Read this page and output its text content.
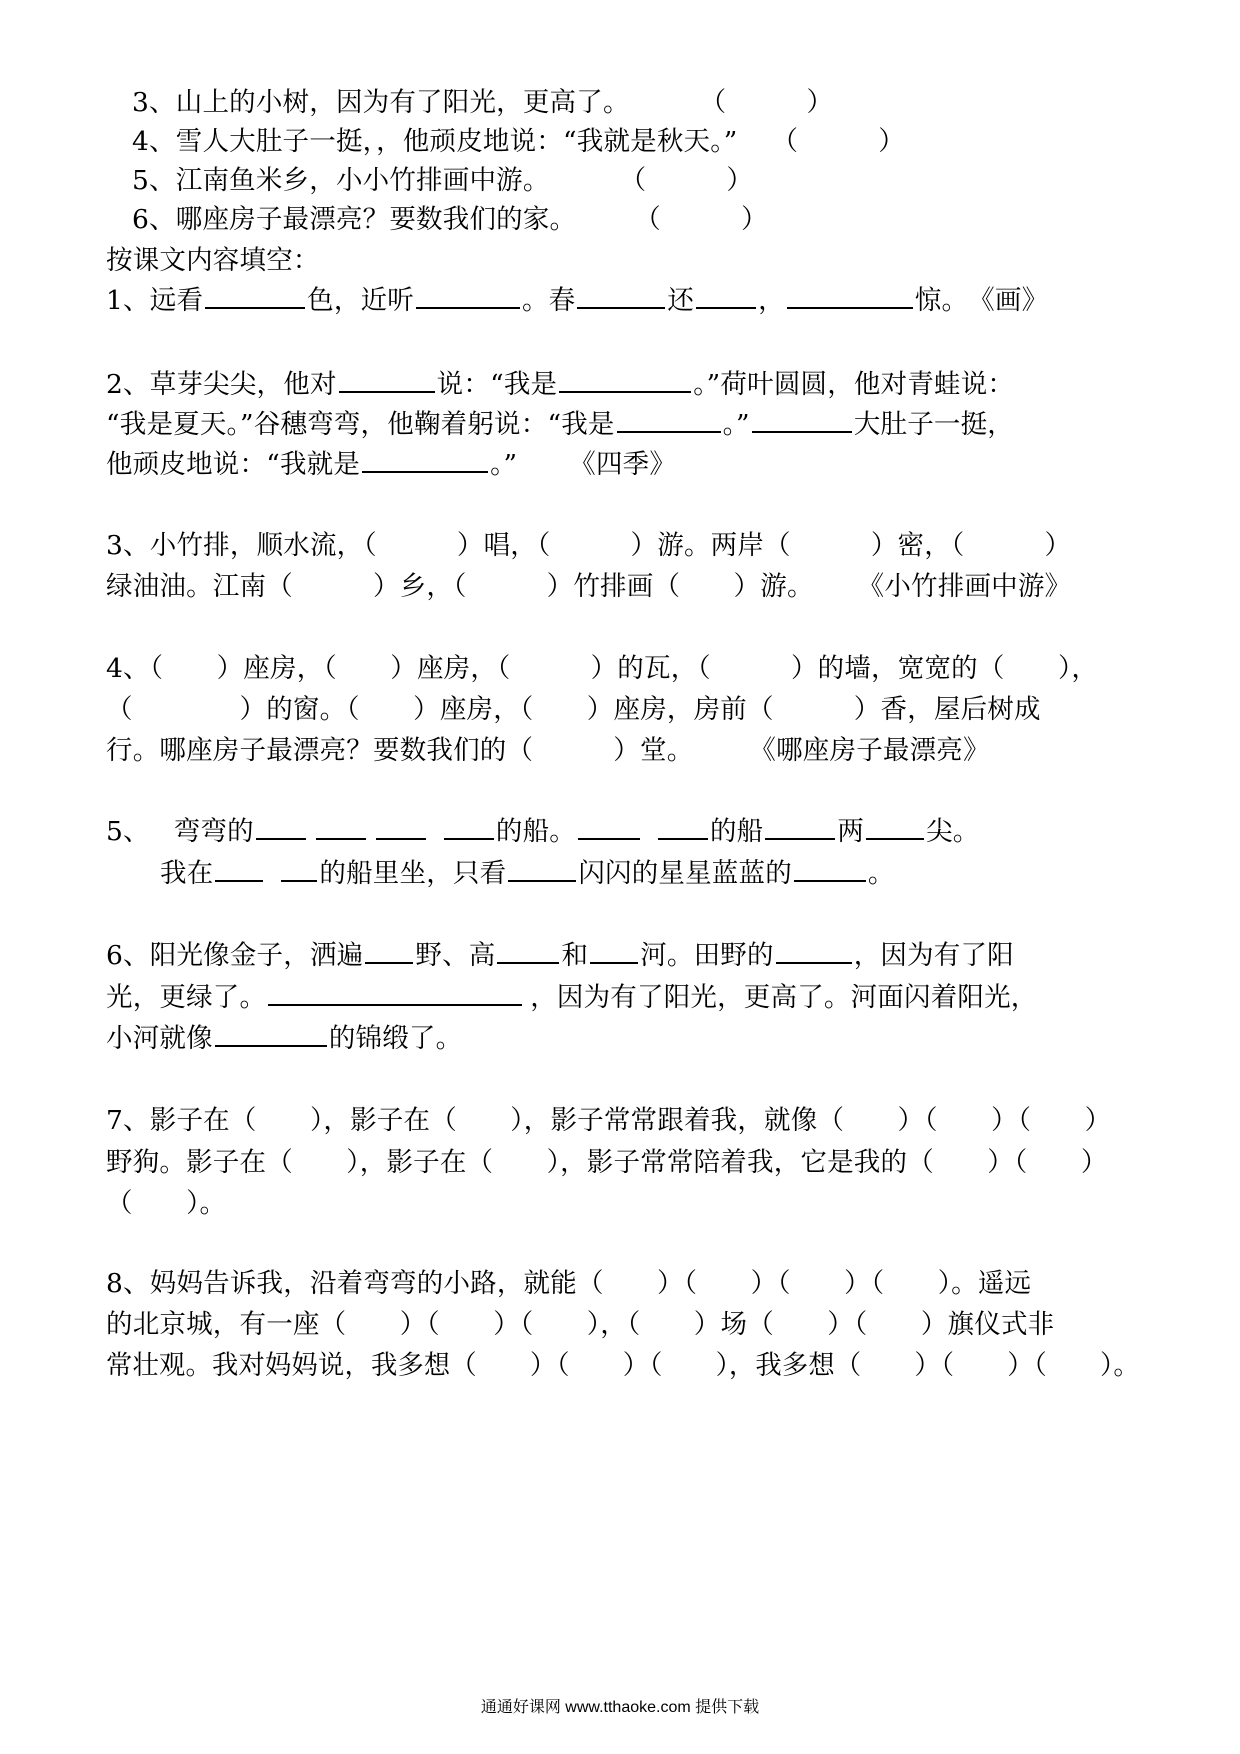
3、山上的小树，因为有了阳光，更高了。	（　　　）
4、雪人大肚子一挺，，他顽皮地说：“我就是秋天。” （　　　）
5、江南鱼米乡，小小竹排画中游。	（　　　）
6、哪座房子最漂亮？要数我们的家。 （　　　）
按课文内容填空：
1、远看	色，近听	。春	还 ，	惊。《画》
2、草芽尖尖，他对	说：“我是	。”荷叶圆圆，他对青蛙说：
“我是夏天。”谷穗弯弯，他鞠着躬说：“我是	。”	大肚子一挺，
他顽皮地说：“我就是	。” 《四季》
3、小竹排，顺水流，（　　　）唱，（　　　）游。两岸（　　　）密，（　　　）
绿油油。江南（　　　）乡，（　　　）竹排画（　　）游。 《小竹排画中游》
4、（　　）座房，（　　）座房，（　　　）的瓦，（　　　）的墙，宽宽的（　　），
（　　　　）的窗。（　　）座房，（　　）座房，房前（　　　）香，屋后树成
行。哪座房子最漂亮？要数我们的（　　　）堂。 《哪座房子最漂亮》
5、 弯弯的	的船。	的船	两 尖。
我在	的船里坐，只看	闪闪的星星蓝蓝的	。
6、阳光像金子，洒遍 野、高 和 河。田野的	，因为有了阳
光，更绿了。	，因为有了阳光，更高了。河面闪着阳光，
小河就像	的锦缎了。
7、影子在（　　），影子在（　　），影子常常跟着我，就像（　　）（　　）（　　）
野狗。影子在（　　），影子在（　　），影子常常陪着我，它是我的（　　）（　　）
（　　）。
8、妈妈告诉我，沿着弯弯的小路，就能（　　）（　　）（　　）（　　）。遥远
的北京城，有一座（　　）（　　）（　　），（　　）场（　　）（　　）旗仪式非
常壮观。我对妈妈说，我多想（　　）（　　）（　　），我多想（　　）（　　）（　　）。
通通好课网 www.tthaoke.com 提供下载
